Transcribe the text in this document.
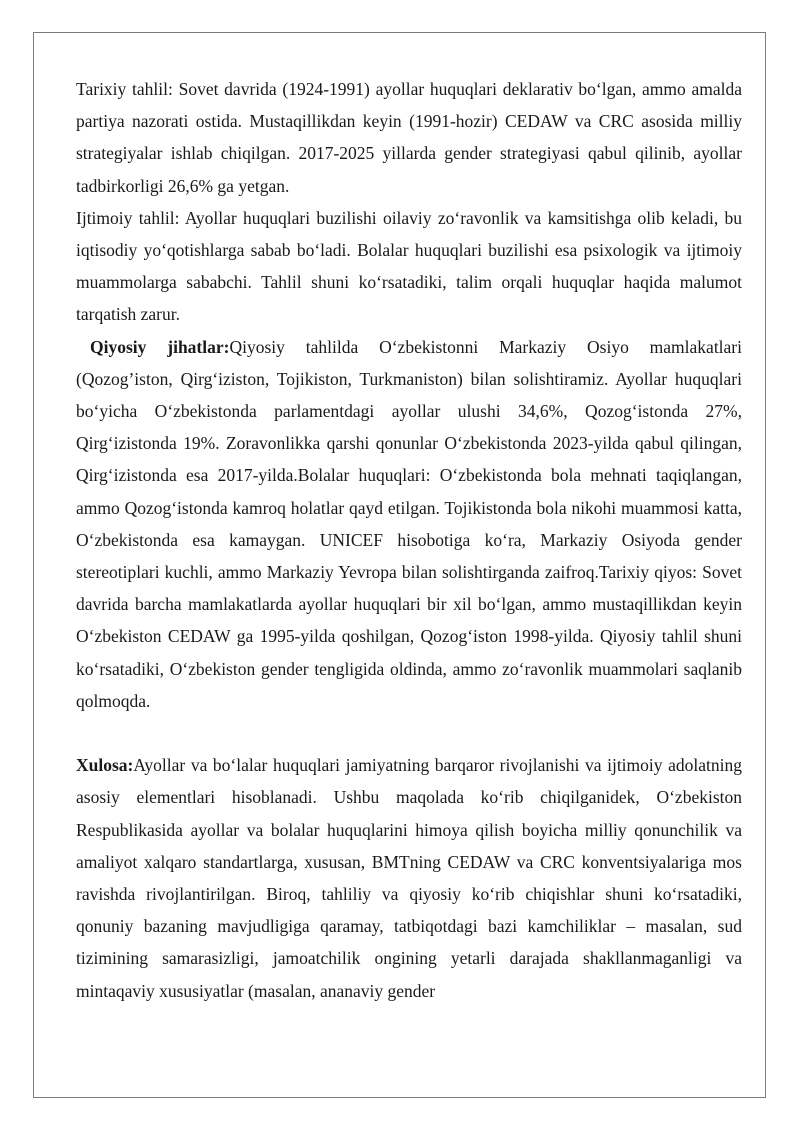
Tarixiy tahlil: Sovet davrida (1924-1991) ayollar huquqlari deklarativ bo‘lgan, ammo amalda partiya nazorati ostida. Mustaqillikdan keyin (1991-hozir) CEDAW va CRC asosida milliy strategiyalar ishlab chiqilgan. 2017-2025 yillarda gender strategiyasi qabul qilinib, ayollar tadbirkorligi 26,6% ga yetgan.

Ijtimoiy tahlil: Ayollar huquqlari buzilishi oilaviy zo‘ravonlik va kamsitishga olib keladi, bu iqtisodiy yo‘qotishlarga sabab bo‘ladi. Bolalar huquqlari buzilishi esa psixologik va ijtimoiy muammolarga sababchi. Tahlil shuni ko‘rsatadiki, talim orqali huquqlar haqida malumot tarqatish zarur.

Qiyosiy jihatlar:Qiyosiy tahlilda O‘zbekistonni Markaziy Osiyo mamlakatlari (Qozog’iston, Qirg‘iziston, Tojikiston, Turkmaniston) bilan solishtiramiz. Ayollar huquqlari bo‘yicha O‘zbekistonda parlamentdagi ayollar ulushi 34,6%, Qozog‘istonda 27%, Qirg‘izistonda 19%. Zoravonlikka qarshi qonunlar O‘zbekistonda 2023-yilda qabul qilingan, Qirg‘izistonda esa 2017-yilda.Bolalar huquqlari: O‘zbekistonda bola mehnati taqiqlangan, ammo Qozog‘istonda kamroq holatlar qayd etilgan. Tojikistonda bola nikohi muammosi katta, O‘zbekistonda esa kamaygan. UNICEF hisobotiga ko‘ra, Markaziy Osiyoda gender stereotiplari kuchli, ammo Markaziy Yevropa bilan solishtirganda zaifroq.Tarixiy qiyos: Sovet davrida barcha mamlakatlarda ayollar huquqlari bir xil bo‘lgan, ammo mustaqillikdan keyin O‘zbekiston CEDAW ga 1995-yilda qoshilgan, Qozog‘iston 1998-yilda. Qiyosiy tahlil shuni ko‘rsatadiki, O‘zbekiston gender tengligida oldinda, ammo zo‘ravonlik muammolari saqlanib qolmoqda.

Xulosa:Ayollar va bo‘lalar huquqlari jamiyatning barqaror rivojlanishi va ijtimoiy adolatning asosiy elementlari hisoblanadi. Ushbu maqolada ko‘rib chiqilganidek, O‘zbekiston Respublikasida ayollar va bolalar huquqlarini himoya qilish boyicha milliy qonunchilik va amaliyot xalqaro standartlarga, xususan, BMTning CEDAW va CRC konventsiyalariga mos ravishda rivojlantirilgan. Biroq, tahliliy va qiyosiy ko‘rib chiqishlar shuni ko‘rsatadiki, qonuniy bazaning mavjudligiga qaramay, tatbiqotdagi bazi kamchiliklar – masalan, sud tizimining samarasizligi, jamoatchilik ongining yetarli darajada shakllanmaganligi va mintaqaviy xususiyatlar (masalan, ananaviy gender
